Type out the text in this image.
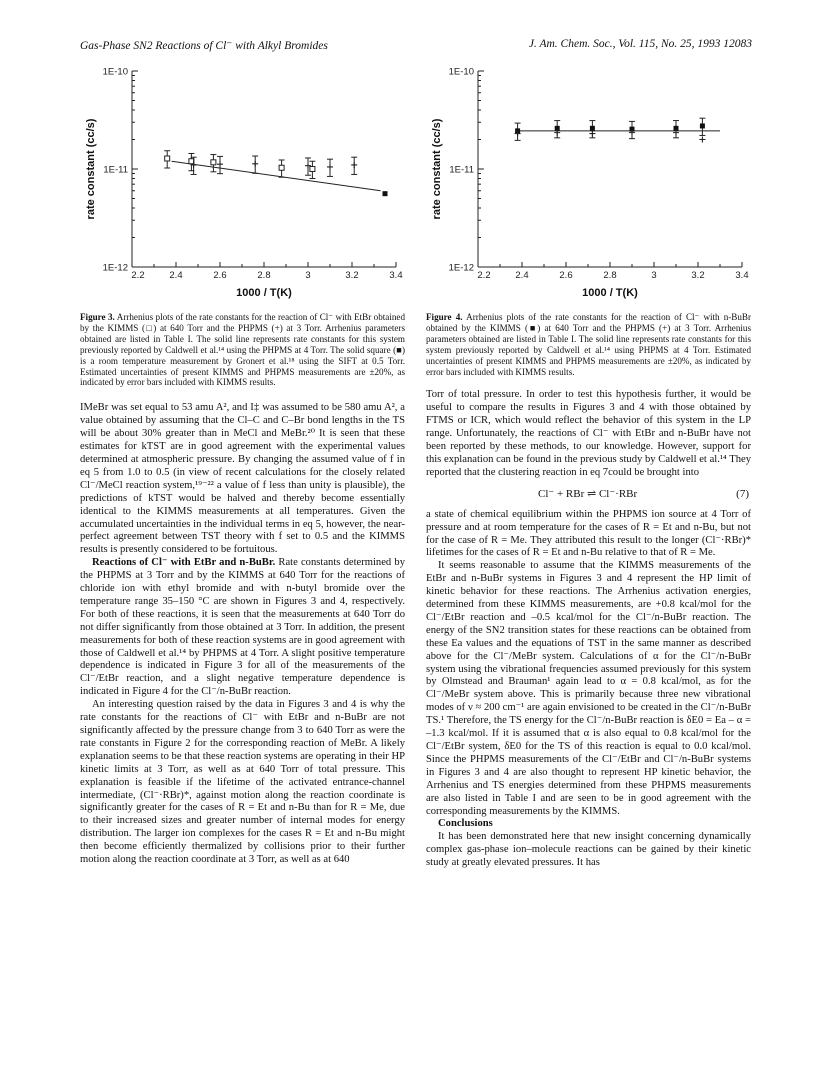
Gas-Phase SN2 Reactions of Cl⁻ with Alkyl Bromides	J. Am. Chem. Soc., Vol. 115, No. 25, 1993 12083
2.2	2.4	2.6	2.8	3	3.2	3.4
1E-10
1E-11
1E-12
1000 / T(K)
rate constant (cc/s)

Figure 3. Arrhenius plots of the rate constants for the reaction of Cl⁻ with EtBr obtained by the KIMMS (□) at 640 Torr and the PHPMS (+) at 3 Torr. Arrhenius parameters obtained are listed in Table I. The solid line represents rate constants for this system previously reported by Caldwell et al.¹⁴ using the PHPMS at 4 Torr. The solid square (■) is a room temperature measurement by Gronert et al.¹⁸ using the SIFT at 0.5 Torr. Estimated uncertainties of present KIMMS and PHPMS measurements are ±20%, as indicated by error bars included with KIMMS results.

IMeBr was set equal to 53 amu A², and I‡ was assumed to be 580 amu A², a value obtained by assuming that the Cl–C and C–Br bond lengths in the TS will be about 30% greater than in MeCl and MeBr.²⁰ It is seen that these estimates for kTST are in good agreement with the experimental values determined at atmospheric pressure. By changing the assumed value of f in eq 5 from 1.0 to 0.5 (in view of recent calculations for the closely related Cl⁻/MeCl reaction system,¹⁹⁻²² a value of f less than unity is plausible), the predictions of kTST would be halved and thereby become essentially identical to the KIMMS measurements at all temperatures. Given the accumulated uncertainties in the individual terms in eq 5, however, the near-perfect agreement between TST theory with f set to 0.5 and the KIMMS results is presently considered to be fortuitous.

Reactions of Cl⁻ with EtBr and n-BuBr. Rate constants determined by the PHPMS at 3 Torr and by the KIMMS at 640 Torr for the reactions of chloride ion with ethyl bromide and with n-butyl bromide over the temperature range 35–150 °C are shown in Figures 3 and 4, respectively. For both of these reactions, it is seen that the measurements at 640 Torr do not differ significantly from those obtained at 3 Torr. In addition, the present measurements for both of these reaction systems are in good agreement with those of Caldwell et al.¹⁴ by PHPMS at 4 Torr. A slight positive temperature dependence is indicated in Figure 3 for all of the measurements of the Cl⁻/EtBr reaction, and a slight negative temperature dependence is indicated in Figure 4 for the Cl⁻/n-BuBr reaction.

An interesting question raised by the data in Figures 3 and 4 is why the rate constants for the reactions of Cl⁻ with EtBr and n-BuBr are not significantly affected by the pressure change from 3 to 640 Torr as were the rate constants in Figure 2 for the corresponding reaction of MeBr. A likely explanation seems to be that these reaction systems are operating in their HP kinetic limits at 3 Torr, as well as at 640 Torr of total pressure. This explanation is feasible if the lifetime of the activated entrance-channel intermediate, (Cl⁻·RBr)*, against motion along the reaction coordinate is significantly greater for the cases of R = Et and n-Bu than for R = Me, due to their increased sizes and greater number of internal modes for energy distribution. The larger ion complexes for the cases R = Et and n-Bu might then become efficiently thermalized by collisions prior to their further motion along the reaction coordinate at 3 Torr, as well as at 640

2.2	2.4	2.6	2.8	3	3.2	3.4
1E-10
1E-11
1E-12
1000 / T(K)
rate constant (cc/s)

Figure 4. Arrhenius plots of the rate constants for the reaction of Cl⁻ with n-BuBr obtained by the KIMMS (■) at 640 Torr and the PHPMS (+) at 3 Torr. Arrhenius parameters obtained are listed in Table I. The solid line represents rate constants for this system previously reported by Caldwell et al.¹⁴ using PHPMS at 4 Torr. Estimated uncertainties of present KIMMS and PHPMS measurements are ±20%, as indicated by error bars included with KIMMS results.

Torr of total pressure. In order to test this hypothesis further, it would be useful to compare the results in Figures 3 and 4 with those obtained by FTMS or ICR, which would reflect the behavior of this system in the LP range. Unfortunately, the reactions of Cl⁻ with EtBr and n-BuBr have not been reported by these methods, to our knowledge. However, support for this explanation can be found in the previous study by Caldwell et al.¹⁴ They reported that the clustering reaction in eq 7could be brought into

Cl⁻ + RBr ⇌ Cl⁻·RBr	(7)

a state of chemical equilibrium within the PHPMS ion source at 4 Torr of pressure and at room temperature for the cases of R = Et and n-Bu, but not for the case of R = Me. They attributed this result to the longer (Cl⁻·RBr)* lifetimes for the cases of R = Et and n-Bu relative to that of R = Me.

It seems reasonable to assume that the KIMMS measurements of the EtBr and n-BuBr systems in Figures 3 and 4 represent the HP limit of kinetic behavior for these reactions. The Arrhenius activation energies, determined from these KIMMS measurements, are +0.8 kcal/mol for the Cl⁻/EtBr reaction and –0.5 kcal/mol for the Cl⁻/n-BuBr reaction. The energy of the SN2 transition states for these reactions can be obtained from these Ea values and the equations of TST in the same manner as described above for the Cl⁻/MeBr system. Calculations of α for the Cl⁻/n-BuBr system using the vibrational frequencies assumed previously for this system by Olmstead and Brauman¹ again lead to α = 0.8 kcal/mol, as for the Cl⁻/MeBr system above. This is primarily because three new vibrational modes of ν ≈ 200 cm⁻¹ are again envisioned to be created in the Cl⁻/n-BuBr TS.¹ Therefore, the TS energy for the Cl⁻/n-BuBr reaction is δE0 = Ea – α = –1.3 kcal/mol. If it is assumed that α is also equal to 0.8 kcal/mol for the Cl⁻/EtBr system, δE0 for the TS of this reaction is equal to 0.0 kcal/mol. Since the PHPMS measurements of the Cl⁻/EtBr and Cl⁻/n-BuBr systems in Figures 3 and 4 are also thought to represent HP kinetic behavior, the Arrhenius and TS energies determined from these PHPMS measurements are also listed in Table I and are seen to be in good agreement with the corresponding measurements by the KIMMS.

Conclusions

It has been demonstrated here that new insight concerning dynamically complex gas-phase ion–molecule reactions can be gained by their kinetic study at greatly elevated pressures. It has
